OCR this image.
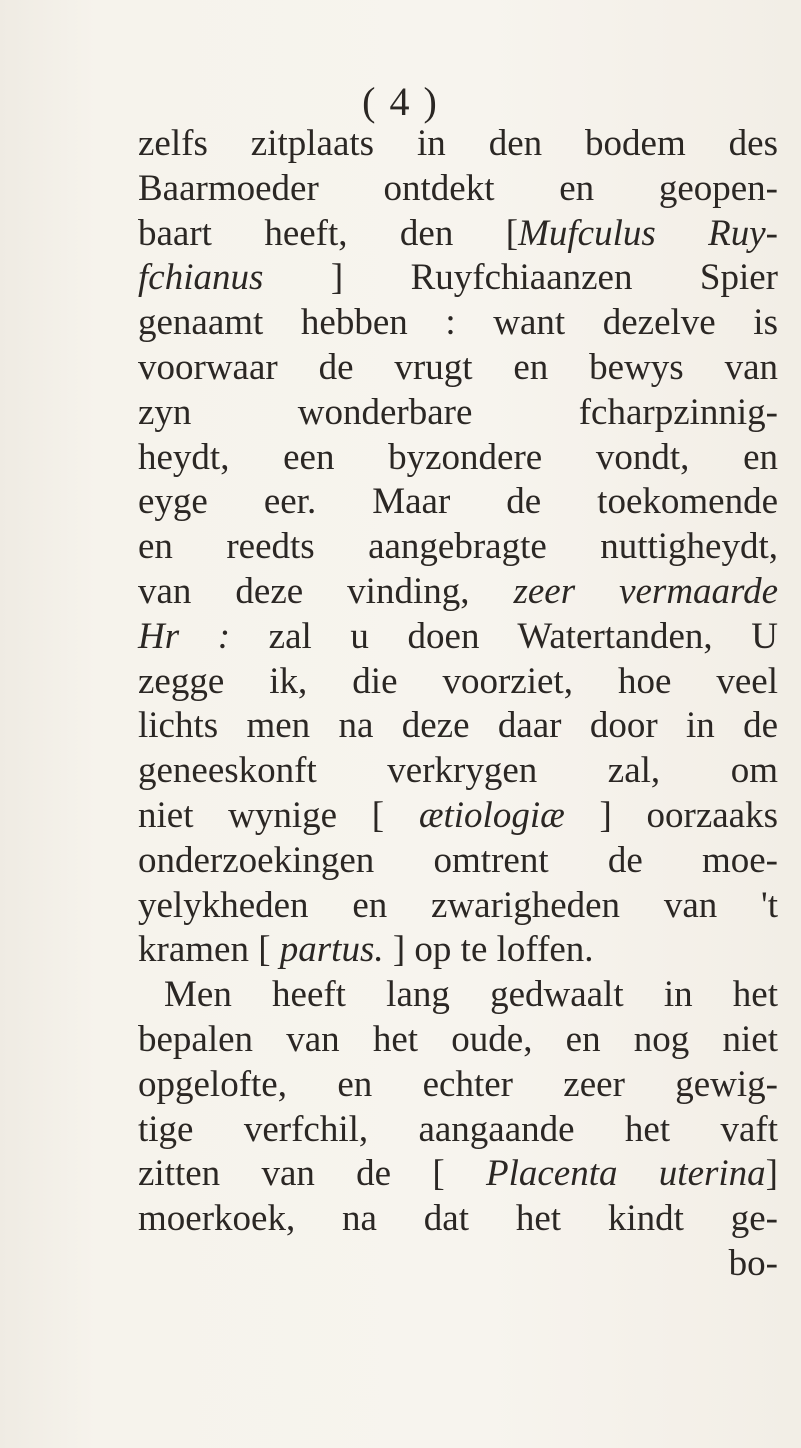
( 4 )
zelfs zitplaats in den bodem des
Baarmoeder ontdekt en geopen-
baart heeft, den [Mufculus Ruy-
fchianus ] Ruyfchiaanzen Spier
genaamt hebben : want dezelve is
voorwaar de vrugt en bewys van
zyn wonderbare fcharpzinnig-
heydt, een byzondere vondt, en
eyge eer. Maar de toekomende
en reedts aangebragte nuttigheydt,
van deze vinding, zeer vermaarde
Hr : zal u doen Watertanden, U
zegge ik, die voorziet, hoe veel
lichts men na deze daar door in de
geneeskonft verkrygen zal, om
niet wynige [ ætiologiæ ] oorzaaks
onderzoekingen omtrent de moe-
yelykheden en zwarigheden van 't
kramen [ partus. ] op te loffen.
Men heeft lang gedwaalt in het
bepalen van het oude, en nog niet
opgelofte, en echter zeer gewig-
tige verfchil, aangaande het vaft
zitten van de [ Placenta uterina]
moerkoek, na dat het kindt ge-
bo-
